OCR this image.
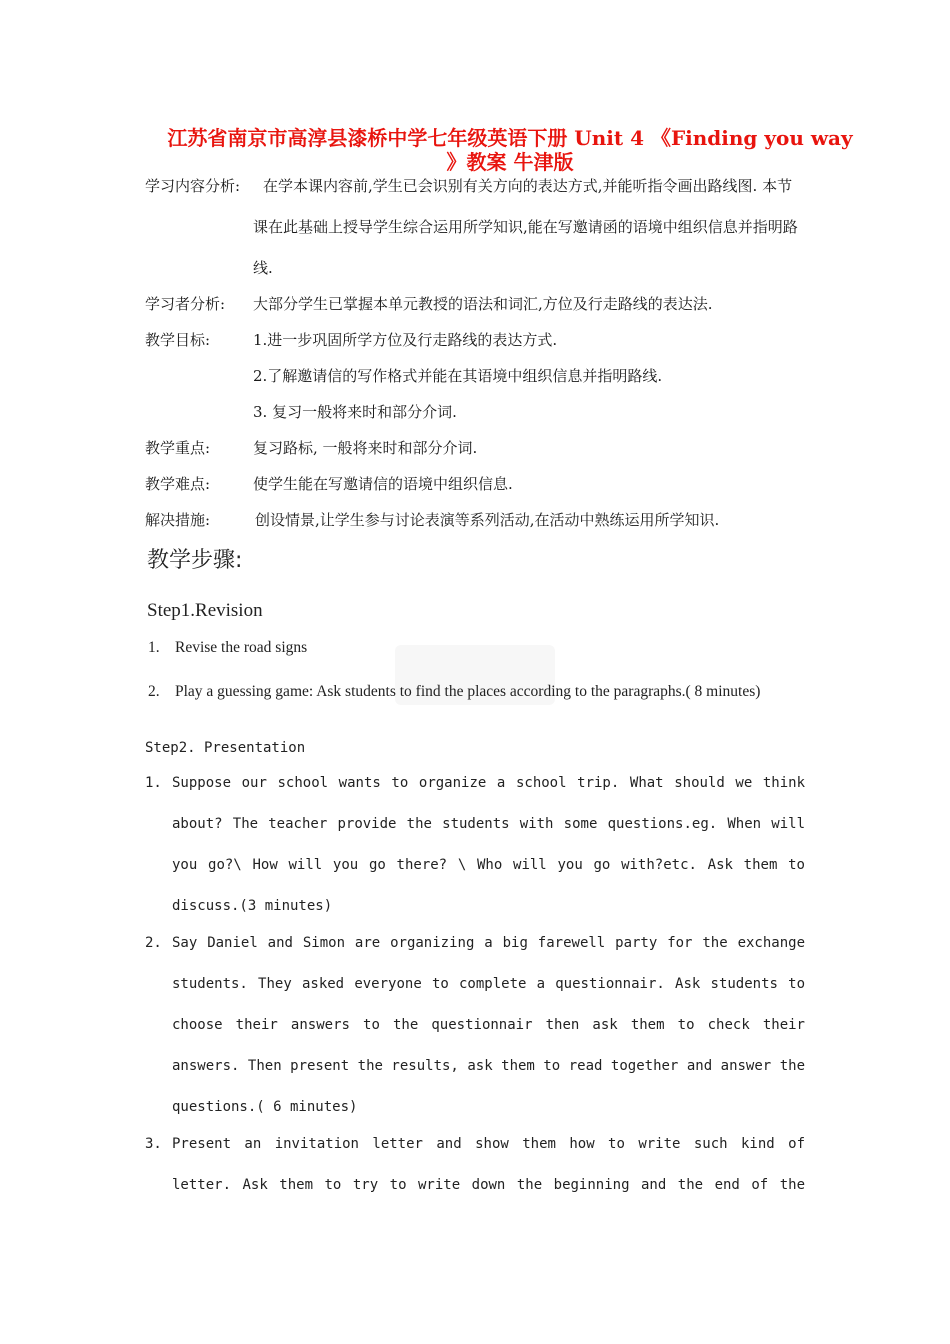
江苏省南京市高淳县漆桥中学七年级英语下册 Unit 4 《Finding you way
》教案 牛津版
学习内容分析: 在学本课内容前,学生已会识别有关方向的表达方式,并能听指令画出路线图. 本节
课在此基础上授导学生综合运用所学知识,能在写邀请函的语境中组织信息并指明路
线.
学习者分析: 大部分学生已掌握本单元教授的语法和词汇,方位及行走路线的表达法.
教学目标:	1.进一步巩固所学方位及行走路线的表达方式.
2.了解邀请信的写作格式并能在其语境中组织信息并指明路线.
3. 复习一般将来时和部分介词.
教学重点:	复习路标, 一般将来时和部分介词.
教学难点:	使学生能在写邀请信的语境中组织信息.
解决措施:	创设情景,让学生参与讨论表演等系列活动,在活动中熟练运用所学知识.
教学步骤:
Step1.Revision
1. Revise the road signs
2. Play a guessing game: Ask students to find the places according to the paragraphs.( 8 minutes)
Step2. Presentation
1. Suppose our school wants to organize a school trip. What should we think
about? The teacher provide the students with some questions.eg. When will
you go?\ How will you go there? \ Who will you go with?etc. Ask them to
discuss.(3 minutes)
2. Say Daniel and Simon are organizing a big farewell party for the exchange
students. They asked everyone to complete a questionnair. Ask students to
choose their answers to the questionnair then ask them to check their
answers. Then present the results, ask them to read together and answer the
questions.( 6 minutes)
3. Present an invitation letter and show them how to write such kind of
letter. Ask them to try to write down the beginning and the end of the
